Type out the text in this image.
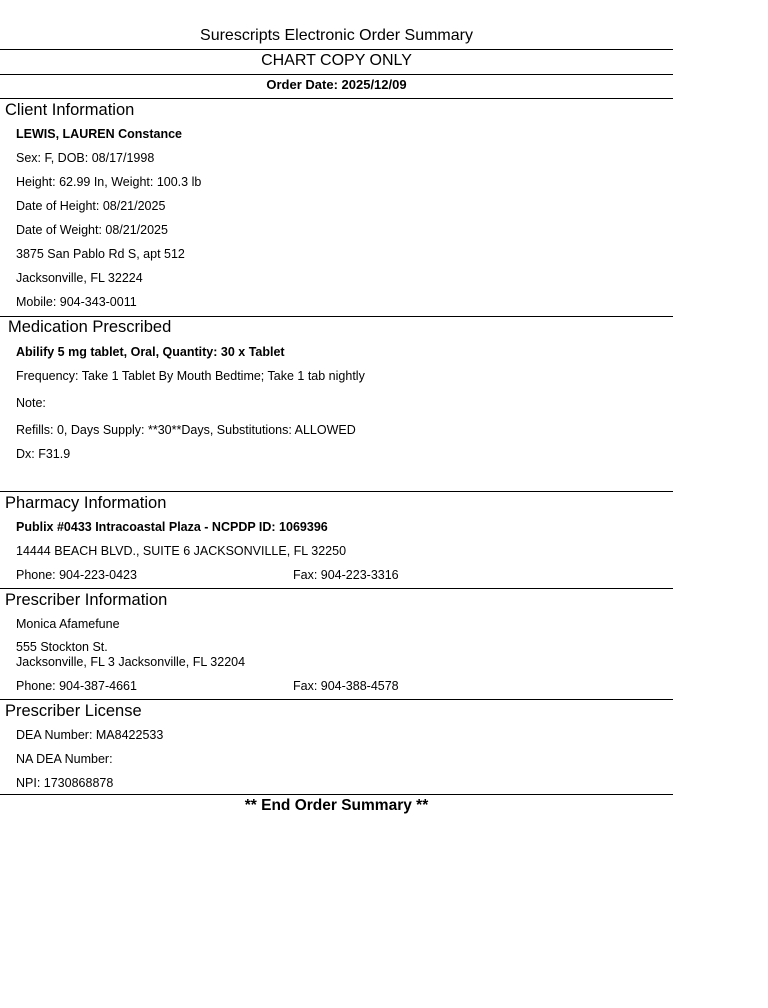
Surescripts Electronic Order Summary
CHART COPY ONLY
Order Date: 2025/12/09
Client Information
LEWIS, LAUREN Constance
Sex: F, DOB: 08/17/1998
Height: 62.99 In, Weight: 100.3 lb
Date of Height: 08/21/2025
Date of Weight: 08/21/2025
3875 San Pablo Rd S, apt 512
Jacksonville, FL 32224
Mobile: 904-343-0011
Medication Prescribed
Abilify 5 mg tablet, Oral, Quantity: 30 x Tablet
Frequency: Take 1 Tablet By Mouth Bedtime; Take 1 tab nightly
Note:
Refills: 0, Days Supply: **30**Days, Substitutions: ALLOWED
Dx: F31.9
Pharmacy Information
Publix #0433 Intracoastal Plaza - NCPDP ID: 1069396
14444 BEACH BLVD., SUITE 6 JACKSONVILLE, FL 32250
Phone: 904-223-0423	Fax: 904-223-3316
Prescriber Information
Monica Afamefune
555 Stockton St.
Jacksonville, FL 3 Jacksonville, FL 32204
Phone: 904-387-4661	Fax: 904-388-4578
Prescriber License
DEA Number: MA8422533
NA DEA Number:
NPI: 1730868878
** End Order Summary **
